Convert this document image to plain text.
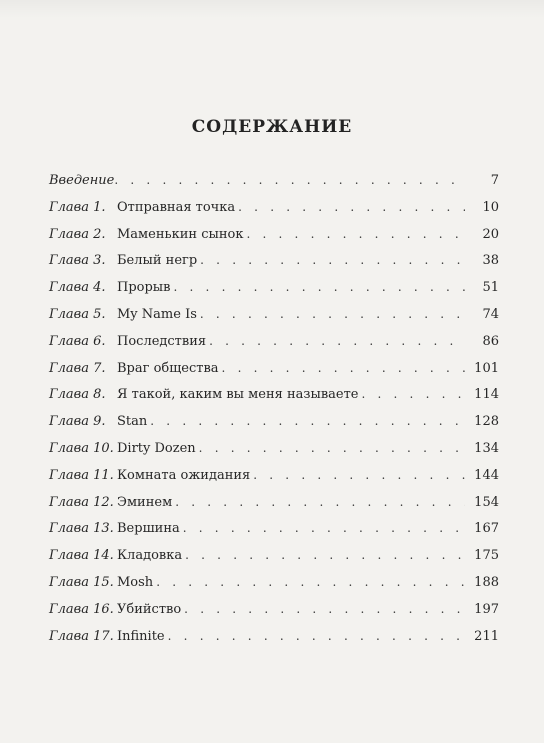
СОДЕРЖАНИЕ
Введение . . .	7
Глава 1. Отправная точка . . .	10
Глава 2. Маменькин сынок . . .	20
Глава 3. Белый негр . . .	38
Глава 4. Прорыв . . .	51
Глава 5. My Name Is . . .	74
Глава 6. Последствия . . .	86
Глава 7. Враг общества . . .	101
Глава 8. Я такой, каким вы меня называете . . .	114
Глава 9. Stan . . .	128
Глава 10. Dirty Dozen . . .	134
Глава 11. Комната ожидания . . .	144
Глава 12. Эминем . . .	154
Глава 13. Вершина . . .	167
Глава 14. Кладовка . . .	175
Глава 15. Mosh . . .	188
Глава 16. Убийство . . .	197
Глава 17. Infinite . . .	211
